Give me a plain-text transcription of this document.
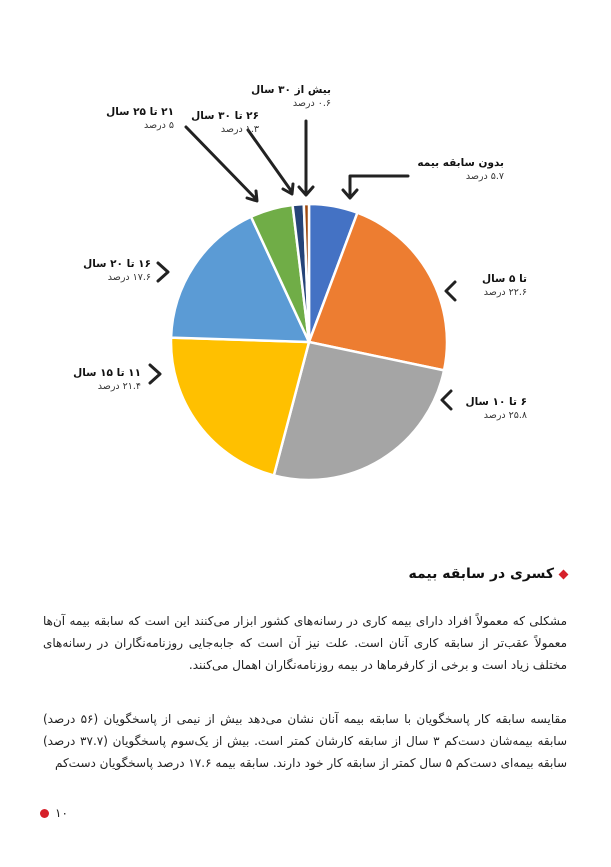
بیش از ۳۰ سال
۰.۶ درصد
۲۶ تا ۳۰ سال
۱.۳ درصد
۲۱ تا ۲۵ سال
۵ درصد
بدون سابقه بیمه
۵.۷ درصد
تا ۵ سال
۲۲.۶ درصد
۶ تا ۱۰ سال
۲۵.۸ درصد
۱۱ تا ۱۵ سال
۲۱.۴ درصد
۱۶ تا ۲۰ سال
۱۷.۶ درصد
کسری در سابقه بیمه
مشکلی که معمولاً افراد دارای بیمه کاری در رسانه‌های کشور ابزار می‌کنند این است که سابقه بیمه آن‌ها معمولاً عقب‌تر از سابقه کاری آنان است. علت نیز آن است که جابه‌جایی روزنامه‌نگاران در رسانه‌های مختلف زیاد است و برخی از کارفرماها در بیمه روزنامه‌نگاران اهمال می‌کنند.
مقایسه سابقه کار پاسخگویان با سابقه بیمه آنان نشان می‌دهد بیش از نیمی از پاسخگویان (۵۶ درصد) سابقه بیمه‌شان دست‌کم ۳ سال از سابقه کارشان کمتر است. بیش از یک‌سوم پاسخگویان (۳۷.۷ درصد) سابقه بیمه‌ای دست‌کم ۵ سال کمتر از سابقه کار خود دارند. سابقه بیمه ۱۷.۶ درصد پاسخگویان دست‌کم
۱۰
